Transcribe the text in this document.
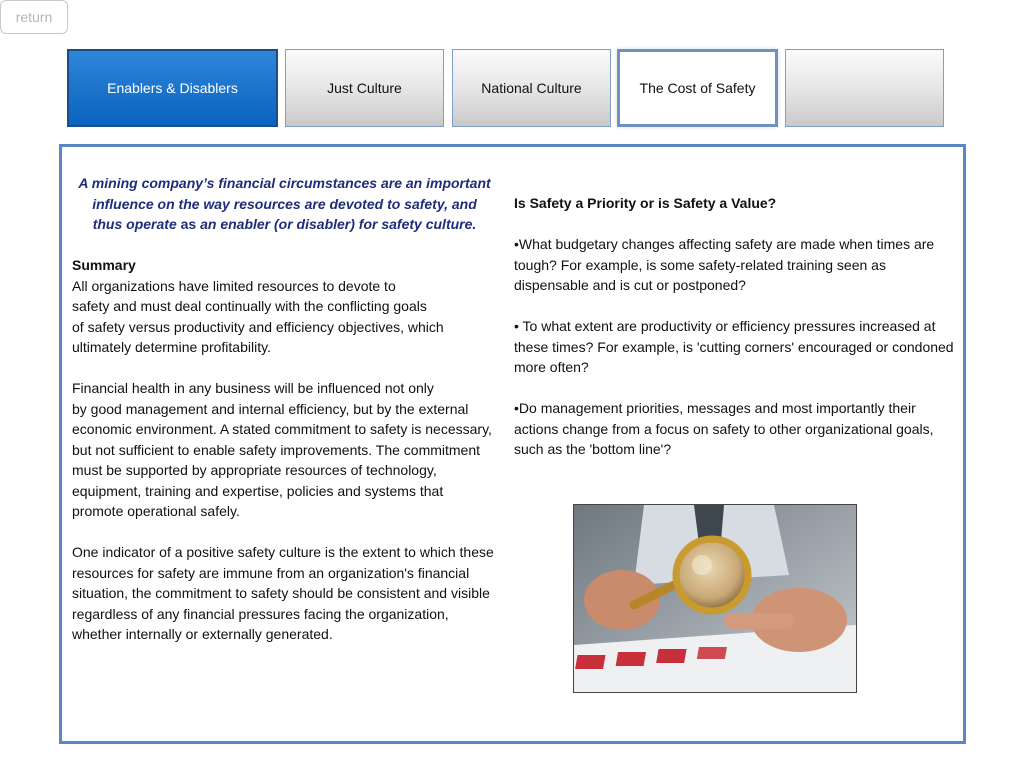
return
Enablers & Disablers	Just Culture	National Culture	The Cost of Safety

A mining company’s financial circumstances are an important influence on the way resources are devoted to safety, and thus operate as an enabler (or disabler) for safety culture.

Summary

All organizations have limited resources to devote to
safety and must deal continually with the conflicting goals
of safety versus productivity and efficiency objectives, which ultimately determine profitability.

Financial health in any business will be influenced not only
by good management and internal efficiency, but by the external economic environment. A stated commitment to safety is necessary, but not sufficient to enable safety improvements. The commitment must be supported by appropriate resources of technology, equipment, training and expertise, policies and systems that promote operational safely.

One indicator of a positive safety culture is the extent to which these resources for safety are immune from an organization's financial situation, the commitment to safety should be consistent and visible regardless of any financial pressures facing the organization, whether internally or externally generated.

Is Safety a Priority or is Safety a Value?

•What budgetary changes affecting safety are made when times are tough? For example, is some safety-related training seen as dispensable and is cut or postponed?

• To what extent are productivity or efficiency pressures increased at these times? For example, is 'cutting corners' encouraged or condoned more often?

•Do management priorities, messages and most importantly their actions change from a focus on safety to other organizational goals, such as the 'bottom line'?
